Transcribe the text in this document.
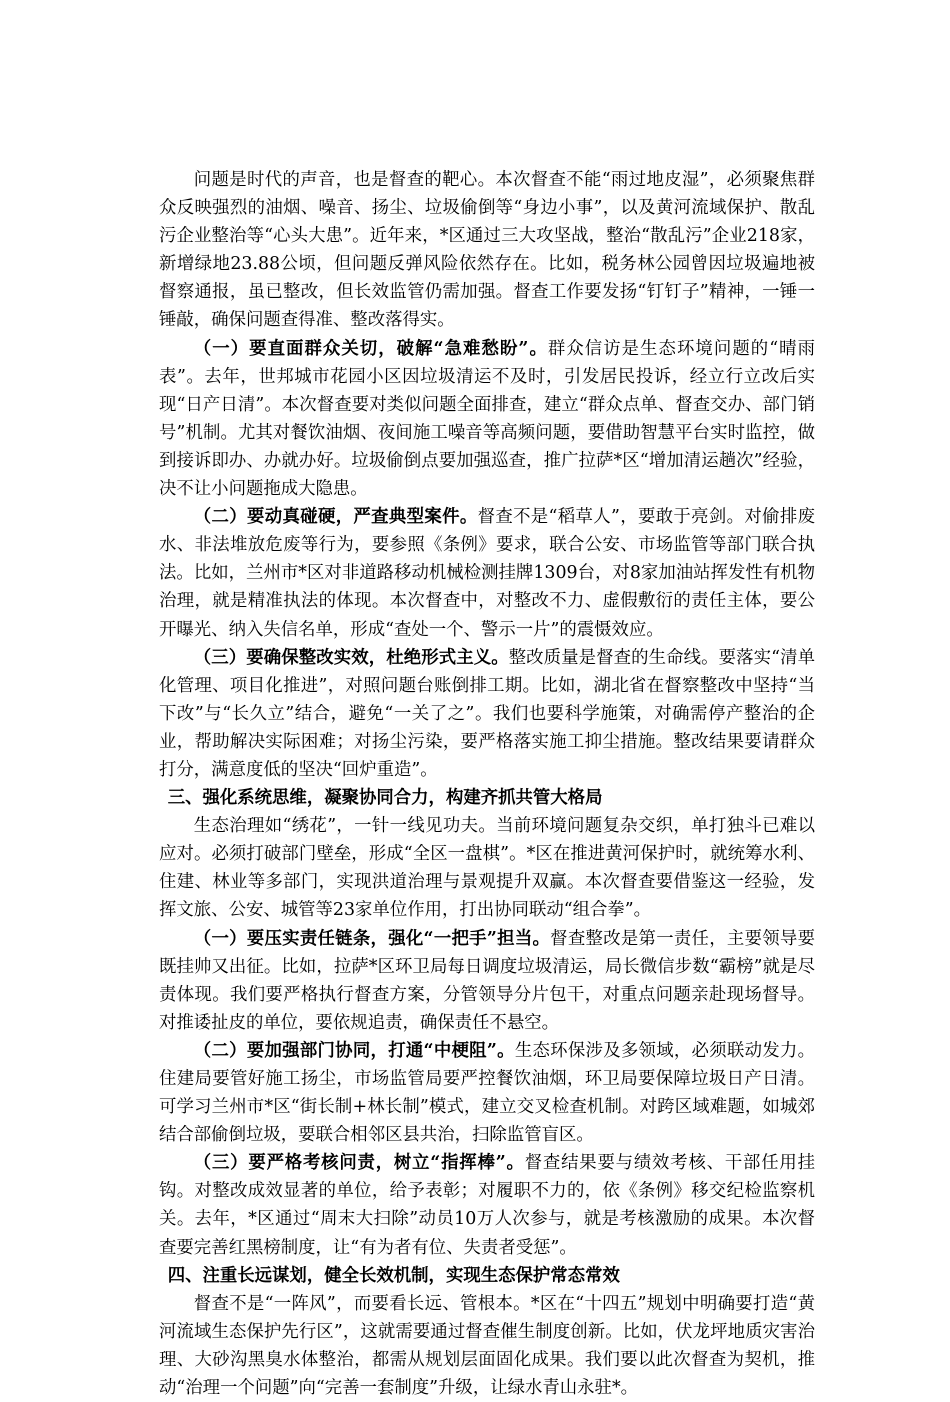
问题是时代的声音，也是督查的靶心。本次督查不能“雨过地皮湿”，必须聚焦群众反映强烈的油烟、噪音、扬尘、垃圾偷倒等“身边小事”，以及黄河流域保护、散乱污企业整治等“心头大患”。近年来，*区通过三大攻坚战，整治“散乱污”企业218家，新增绿地23.88公顷，但问题反弹风险依然存在。比如，税务林公园曾因垃圾遍地被督察通报，虽已整改，但长效监管仍需加强。督查工作要发扬“钉钉子”精神，一锤一锤敲，确保问题查得准、整改落得实。

（一）要直面群众关切，破解“急难愁盼”。群众信访是生态环境问题的“晴雨表”。去年，世邦城市花园小区因垃圾清运不及时，引发居民投诉，经立行立改后实现“日产日清”。本次督查要对类似问题全面排查，建立“群众点单、督查交办、部门销号”机制。尤其对餐饮油烟、夜间施工噪音等高频问题，要借助智慧平台实时监控，做到接诉即办、办就办好。垃圾偷倒点要加强巡查，推广拉萨*区“增加清运趟次”经验，决不让小问题拖成大隐患。

（二）要动真碰硬，严查典型案件。督查不是“稻草人”，要敢于亮剑。对偷排废水、非法堆放危废等行为，要参照《条例》要求，联合公安、市场监管等部门联合执法。比如，兰州市*区对非道路移动机械检测挂牌1309台，对8家加油站挥发性有机物治理，就是精准执法的体现。本次督查中，对整改不力、虚假敷衍的责任主体，要公开曝光、纳入失信名单，形成“查处一个、警示一片”的震慑效应。

（三）要确保整改实效，杜绝形式主义。整改质量是督查的生命线。要落实“清单化管理、项目化推进”，对照问题台账倒排工期。比如，湖北省在督察整改中坚持“当下改”与“长久立”结合，避免“一关了之”。我们也要科学施策，对确需停产整治的企业，帮助解决实际困难；对扬尘污染，要严格落实施工抑尘措施。整改结果要请群众打分，满意度低的坚决“回炉重造”。

三、强化系统思维，凝聚协同合力，构建齐抓共管大格局

生态治理如“绣花”，一针一线见功夫。当前环境问题复杂交织，单打独斗已难以应对。必须打破部门壁垒，形成“全区一盘棋”。*区在推进黄河保护时，就统筹水利、住建、林业等多部门，实现洪道治理与景观提升双赢。本次督查要借鉴这一经验，发挥文旅、公安、城管等23家单位作用，打出协同联动“组合拳”。

（一）要压实责任链条，强化“一把手”担当。督查整改是第一责任，主要领导要既挂帅又出征。比如，拉萨*区环卫局每日调度垃圾清运，局长微信步数“霸榜”就是尽责体现。我们要严格执行督查方案，分管领导分片包干，对重点问题亲赴现场督导。对推诿扯皮的单位，要依规追责，确保责任不悬空。

（二）要加强部门协同，打通“中梗阻”。生态环保涉及多领域，必须联动发力。住建局要管好施工扬尘，市场监管局要严控餐饮油烟，环卫局要保障垃圾日产日清。可学习兰州市*区“街长制+林长制”模式，建立交叉检查机制。对跨区域难题，如城郊结合部偷倒垃圾，要联合相邻区县共治，扫除监管盲区。

（三）要严格考核问责，树立“指挥棒”。督查结果要与绩效考核、干部任用挂钩。对整改成效显著的单位，给予表彰；对履职不力的，依《条例》移交纪检监察机关。去年，*区通过“周末大扫除”动员10万人次参与，就是考核激励的成果。本次督查要完善红黑榜制度，让“有为者有位、失责者受惩”。

四、注重长远谋划，健全长效机制，实现生态保护常态常效

督查不是“一阵风”，而要看长远、管根本。*区在“十四五”规划中明确要打造“黄河流域生态保护先行区”，这就需要通过督查催生制度创新。比如，伏龙坪地质灾害治理、大砂沟黑臭水体整治，都需从规划层面固化成果。我们要以此次督查为契机，推动“治理一个问题”向“完善一套制度”升级，让绿水青山永驻*。
